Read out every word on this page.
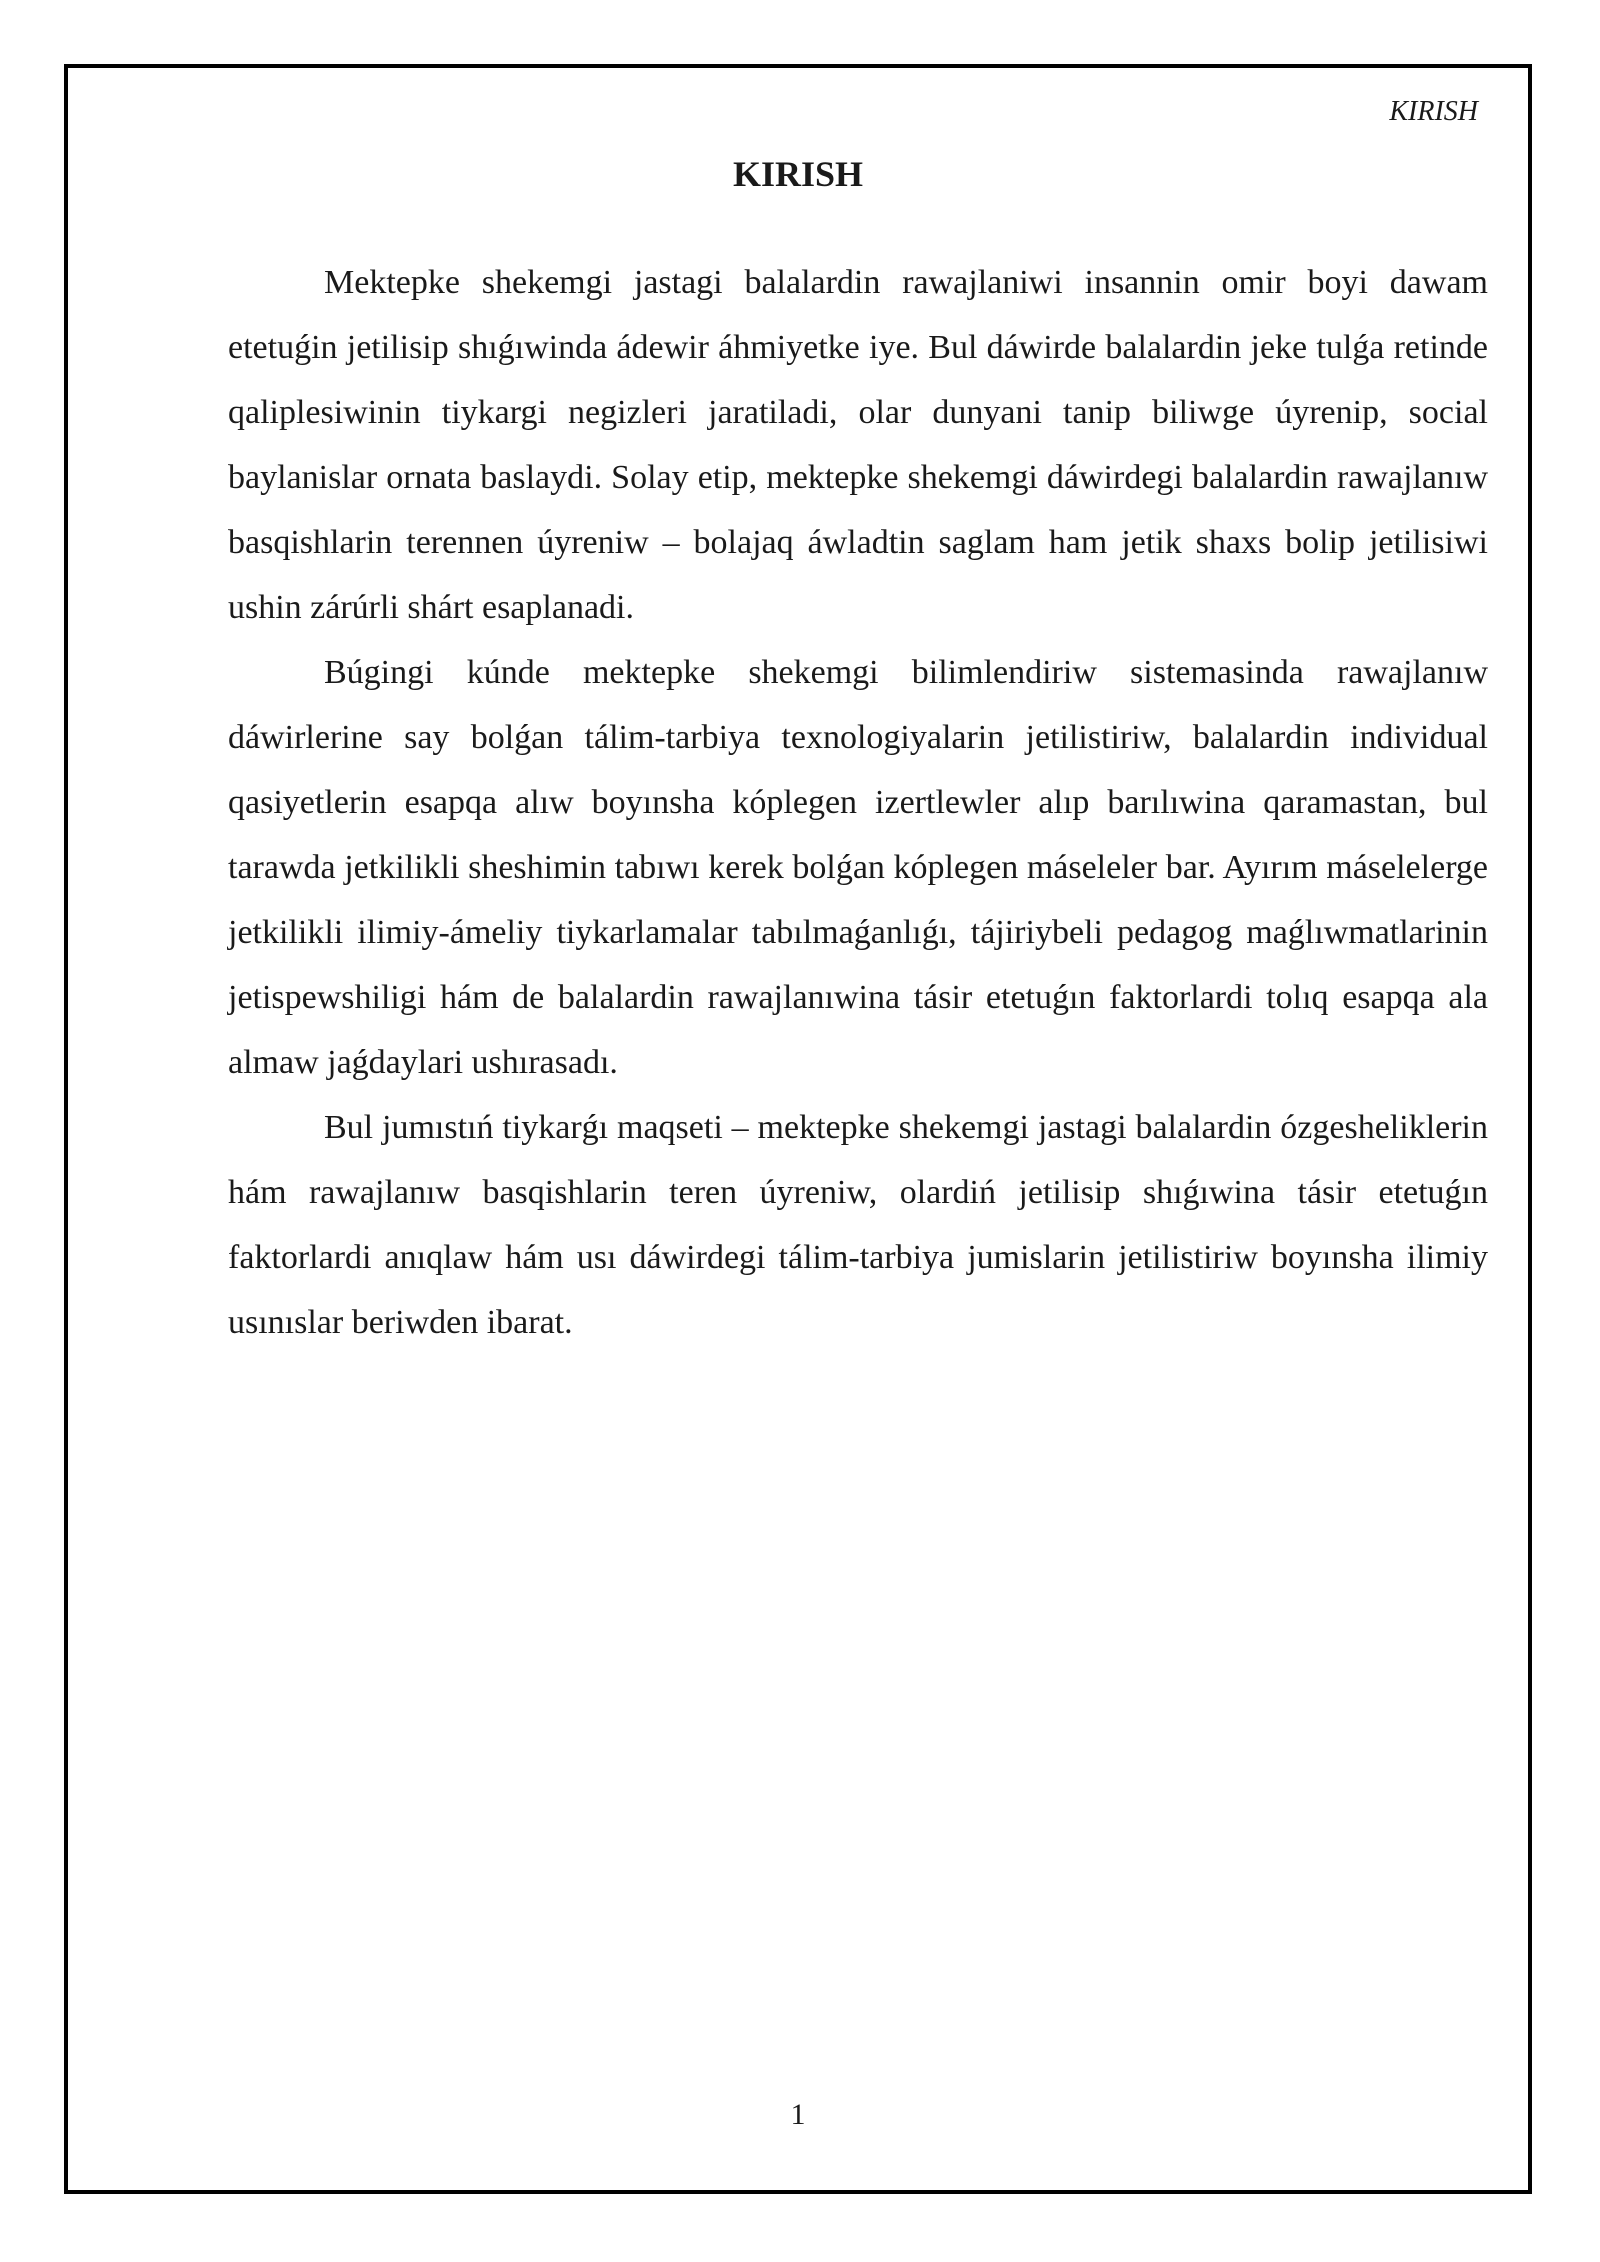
KIRISH
KIRISH

Mektepke shekemgi jastagi balalardin rawajlaniwi insannin omir boyi dawam etetuǵin jetilisip shıǵıwinda ádewir áhmiyetke iye. Bul dáwirde balalardin jeke tulǵa retinde qaliplesiwinin tiykargi negizleri jaratiladi, olar dunyani tanip biliwge úyrenip, social baylanislar ornata baslaydi. Solay etip, mektepke shekemgi dáwirdegi balalardin rawajlanıw basqishlarin terennen úyreniw – bolajaq áwladtin saglam ham jetik shaxs bolip jetilisiwi ushin zárúrli shárt esaplanadi.

Búgingi kúnde mektepke shekemgi bilimlendiriw sistemasinda rawajlanıw dáwirlerine say bolǵan tálim-tarbiya texnologiyalarin jetilistiriw, balalardin individual qasiyetlerin esapqa alıw boyınsha kóplegen izertlewler alıp barılıwina qaramastan, bul tarawda jetkilikli sheshimin tabıwı kerek bolǵan kóplegen máseleler bar. Ayırım máselelerge jetkilikli ilimiy-ámeliy tiykarlamalar tabılmaǵanlıǵı, tájiriybeli pedagog maǵlıwmatlarinin jetispewshiligi hám de balalardin rawajlanıwina tásir etetuǵın faktorlardi tolıq esapqa ala almaw jaǵdaylari ushırasadı.

Bul jumıstıń tiykarǵı maqseti – mektepke shekemgi jastagi balalardin ózgesheliklerin hám rawajlanıw basqishlarin teren úyreniw, olardiń jetilisip shıǵıwina tásir etetuǵın faktorlardi anıqlaw hám usı dáwirdegi tálim-tarbiya jumislarin jetilistiriw boyınsha ilimiy usınıslar beriwden ibarat.

1
